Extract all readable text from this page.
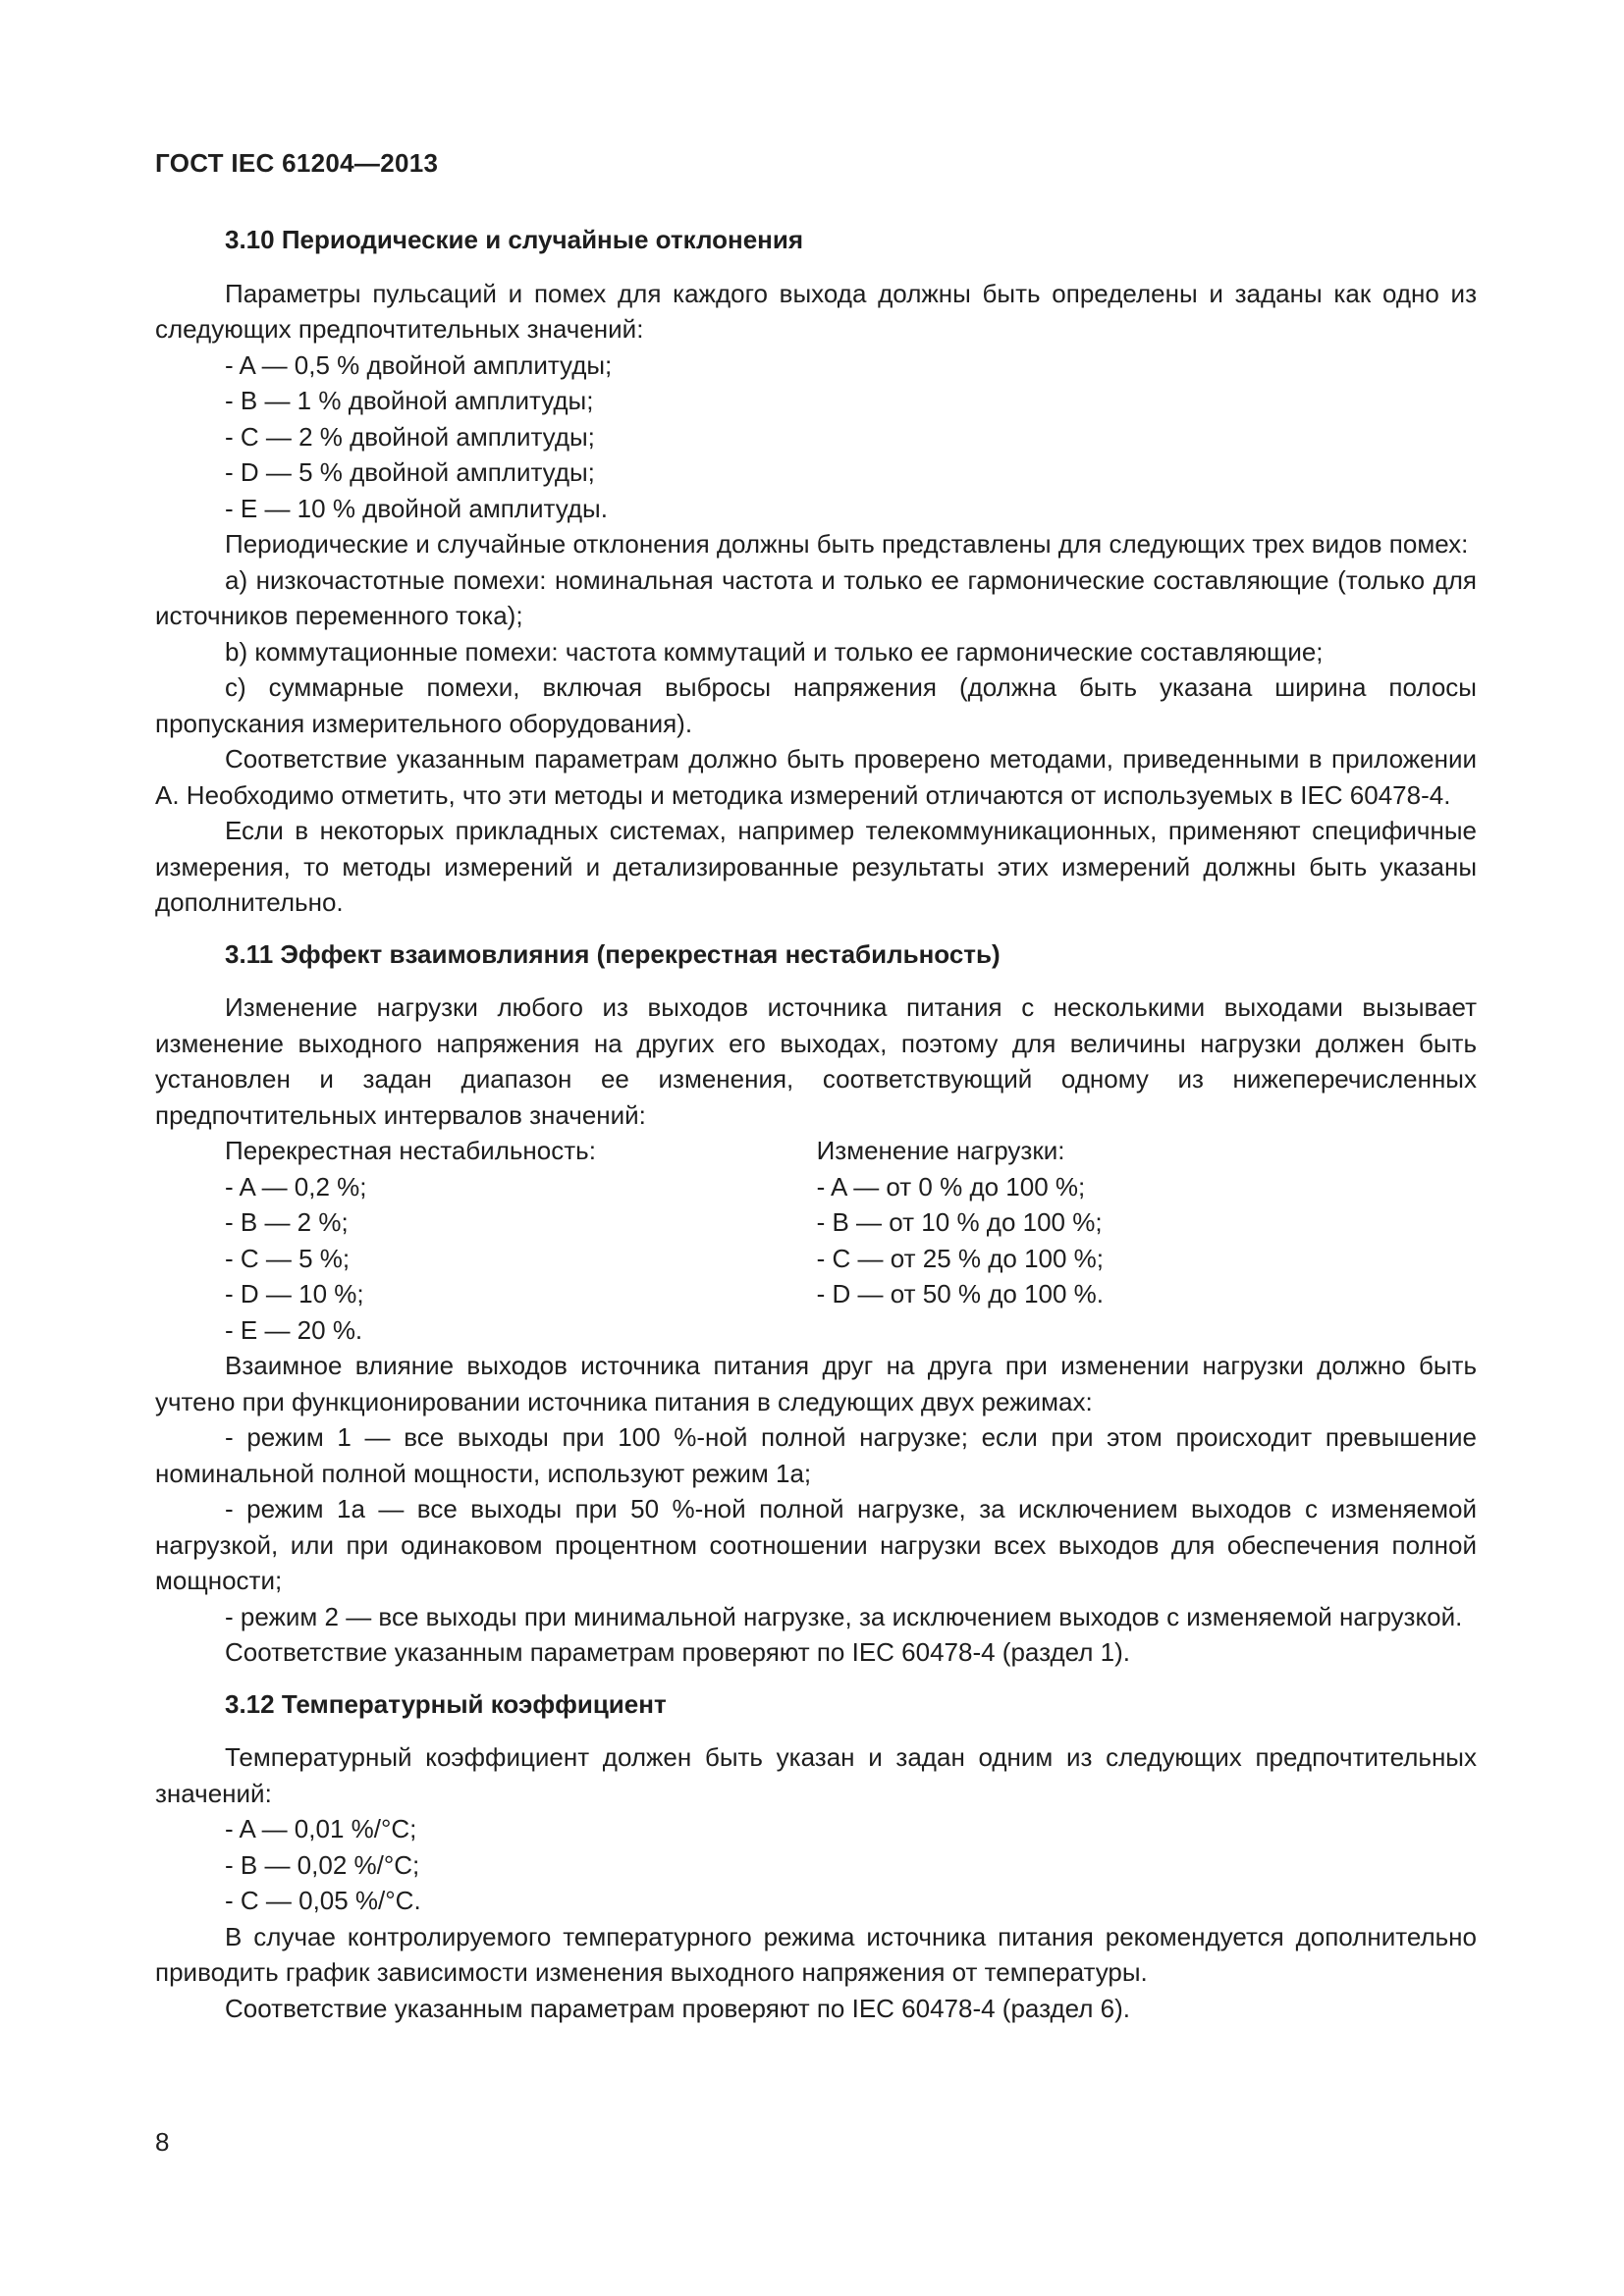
ГОСТ IEC 61204—2013

3.10 Периодические и случайные отклонения

Параметры пульсаций и помех для каждого выхода должны быть определены и заданы как одно из следующих предпочтительных значений:

- A — 0,5 % двойной амплитуды;

- B — 1 % двойной амплитуды;

- C — 2 % двойной амплитуды;

- D — 5 % двойной амплитуды;

- E — 10 % двойной амплитуды.

Периодические и случайные отклонения должны быть представлены для следующих трех видов помех:

a) низкочастотные помехи: номинальная частота и только ее гармонические составляющие (только для источников переменного тока);

b) коммутационные помехи: частота коммутаций и только ее гармонические составляющие;

c) суммарные помехи, включая выбросы напряжения (должна быть указана ширина полосы пропускания измерительного оборудования).

Соответствие указанным параметрам должно быть проверено методами, приведенными в приложении А. Необходимо отметить, что эти методы и методика измерений отличаются от используемых в IEC 60478-4.

Если в некоторых прикладных системах, например телекоммуникационных, применяют специфичные измерения, то методы измерений и детализированные результаты этих измерений должны быть указаны дополнительно.

3.11 Эффект взаимовлияния (перекрестная нестабильность)

Изменение нагрузки любого из выходов источника питания с несколькими выходами вызывает изменение выходного напряжения на других его выходах, поэтому для величины нагрузки должен быть установлен и задан диапазон ее изменения, соответствующий одному из нижеперечисленных предпочтительных интервалов значений:

Перекрестная нестабильность:

- A — 0,2 %;

- B — 2 %;

- C — 5 %;

- D — 10 %;

- E — 20 %.

Изменение нагрузки:

- A — от 0 % до 100 %;

- B — от 10 % до 100 %;

- C — от 25 % до 100 %;

- D — от 50 % до 100 %.

Взаимное влияние выходов источника питания друг на друга при изменении нагрузки должно быть учтено при функционировании источника питания в следующих двух режимах:

- режим 1 — все выходы при 100 %-ной полной нагрузке; если при этом происходит превышение номинальной полной мощности, используют режим 1а;

- режим 1а — все выходы при 50 %-ной полной нагрузке, за исключением выходов с изменяемой нагрузкой, или при одинаковом процентном соотношении нагрузки всех выходов для обеспечения полной мощности;

- режим 2 — все выходы при минимальной нагрузке, за исключением выходов с изменяемой нагрузкой.

Соответствие указанным параметрам проверяют по IEC 60478-4 (раздел 1).

3.12 Температурный коэффициент

Температурный коэффициент должен быть указан и задан одним из следующих предпочтительных значений:

- A — 0,01 %/°C;

- B — 0,02 %/°C;

- C — 0,05 %/°C.

В случае контролируемого температурного режима источника питания рекомендуется дополнительно приводить график зависимости изменения выходного напряжения от температуры.

Соответствие указанным параметрам проверяют по IEC 60478-4 (раздел 6).

8
